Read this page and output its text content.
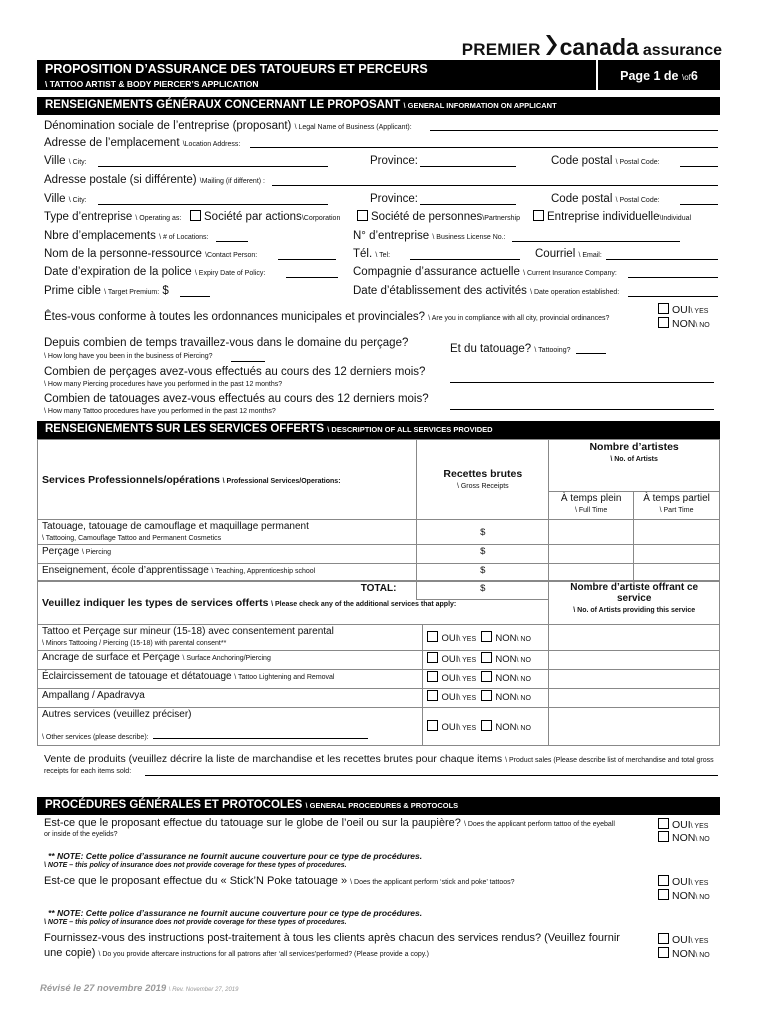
PREMIER canada assurance
PROPOSITION D’ASSURANCE DES TATOUEURS ET PERCEURS
\ TATTOO ARTIST & BODY PIERCER’S APPLICATION
Page 1 de \of6
RENSEIGNEMENTS GÉNÉRAUX CONCERNANT LE PROPOSANT \ GENERAL INFORMATION ON APPLICANT
Dénomination sociale de l’entreprise (proposant) \ Legal Name of Business (Applicant):
Adresse de l’emplacement \Location Address:
Ville \ City:	Province:	Code postal \ Postal Code:
Adresse postale (si différente) \Mailing (if different) :
Ville \ City:	Province:	Code postal \ Postal Code:
Type d’entreprise \ Operating as:	Société par actions\Corporation	Société de personnes\Partnership	Entreprise individuelle\Individual
Nbre d’emplacements \ # of Locations:	N° d’entreprise \ Business License No.:
Nom de la personne-ressource \Contact Person:	Tél. \ Tel:	Courriel \ Email:
Date d’expiration de la police \ Expiry Date of Policy:	Compagnie d’assurance actuelle \ Current Insurance Company:
Prime cible \ Target Premium: $	Date d’établissement des activités \ Date operation established:
Êtes-vous conforme à toutes les ordonnances municipales et provinciales? \ Are you in compliance with all city, provincial ordinances?
OUI\ YES
NON\ NO
Depuis combien de temps travaillez-vous dans le domaine du perçage?
\ How long have you been in the business of Piercing?
Et du tatouage? \ Tattooing?
Combien de perçages avez-vous effectués au cours des 12 derniers mois?
\ How many Piercing procedures have you performed in the past 12 months?
Combien de tatouages avez-vous effectués au cours des 12 derniers mois?
\ How many Tattoo procedures have you performed in the past 12 months?
RENSEIGNEMENTS SUR LES SERVICES OFFERTS \ DESCRIPTION OF ALL SERVICES PROVIDED
Services Professionnels/opérations \ Professional Services/Operations:	Recettes brutes
\ Gross Receipts	Nombre d’artistes
\ No. of Artists	
		À temps plein
\ Full Time	À temps partiel
\ Part Time
Tatouage, tatouage de camouflage et maquillage permanent
\ Tattooing, Camouflage Tattoo and Permanent Cosmetics	$		
Perçage \ Piercing	$		
Enseignement, école d’apprentissage \ Teaching, Apprenticeship school	$		
TOTAL:	$		
Veuillez indiquer les types de services offerts \ Please check any of the additional services that apply:		Nombre d’artiste offrant ce service
\ No. of Artists providing this service
Tattoo et Perçage sur mineur (15-18) avec consentement parental
\ Minors Tattooing / Piercing (15-18) with parental consent**	OUI\ YES NON\ NO	
Ancrage de surface et Perçage \ Surface Anchoring/Piercing	OUI\ YES NON\ NO	
Éclaircissement de tatouage et détatouage \ Tattoo Lightening and Removal	OUI\ YES NON\ NO	
Ampallang / Apadravya	OUI\ YES NON\ NO	
Autres services (veuillez préciser)

\ Other services (please describe):	OUI\ YES NON\ NO	
Vente de produits (veuillez décrire la liste de marchandise et les recettes brutes pour chaque items \ Product sales (Please describe list of merchandise and total gross
receipts for each items sold:
PROCÉDURES GÉNÉRALES ET PROTOCOLES \ GENERAL PROCEDURES & PROTOCOLS
Est-ce que le proposant effectue du tatouage sur le globe de l’oeil ou sur la paupière? \ Does the applicant perform tattoo of the eyeball
or inside of the eyelids?
OUI\ YES
NON\ NO
** NOTE: Cette police d’assurance ne fournit aucune couverture pour ce type de procédures.
\ NOTE – this policy of insurance does not provide coverage for these types of procedures.
Est-ce que le proposant effectue du « Stick’N Poke tatouage » \ Does the applicant perform ‘stick and poke’ tattoos?	OUI\ YES
NON\ NO
** NOTE: Cette police d’assurance ne fournit aucune couverture pour ce type de procédures.
\ NOTE – this policy of insurance does not provide coverage for these types of procedures.
Fournissez-vous des instructions post-traitement à tous les clients après chacun des services rendus? (Veuillez fournir
une copie) \ Do you provide aftercare instructions for all patrons after ‘all services’performed? (Please provide a copy.)
OUI\ YES
NON\ NO
Révisé le 27 novembre 2019 \ Rev. November 27, 2019
